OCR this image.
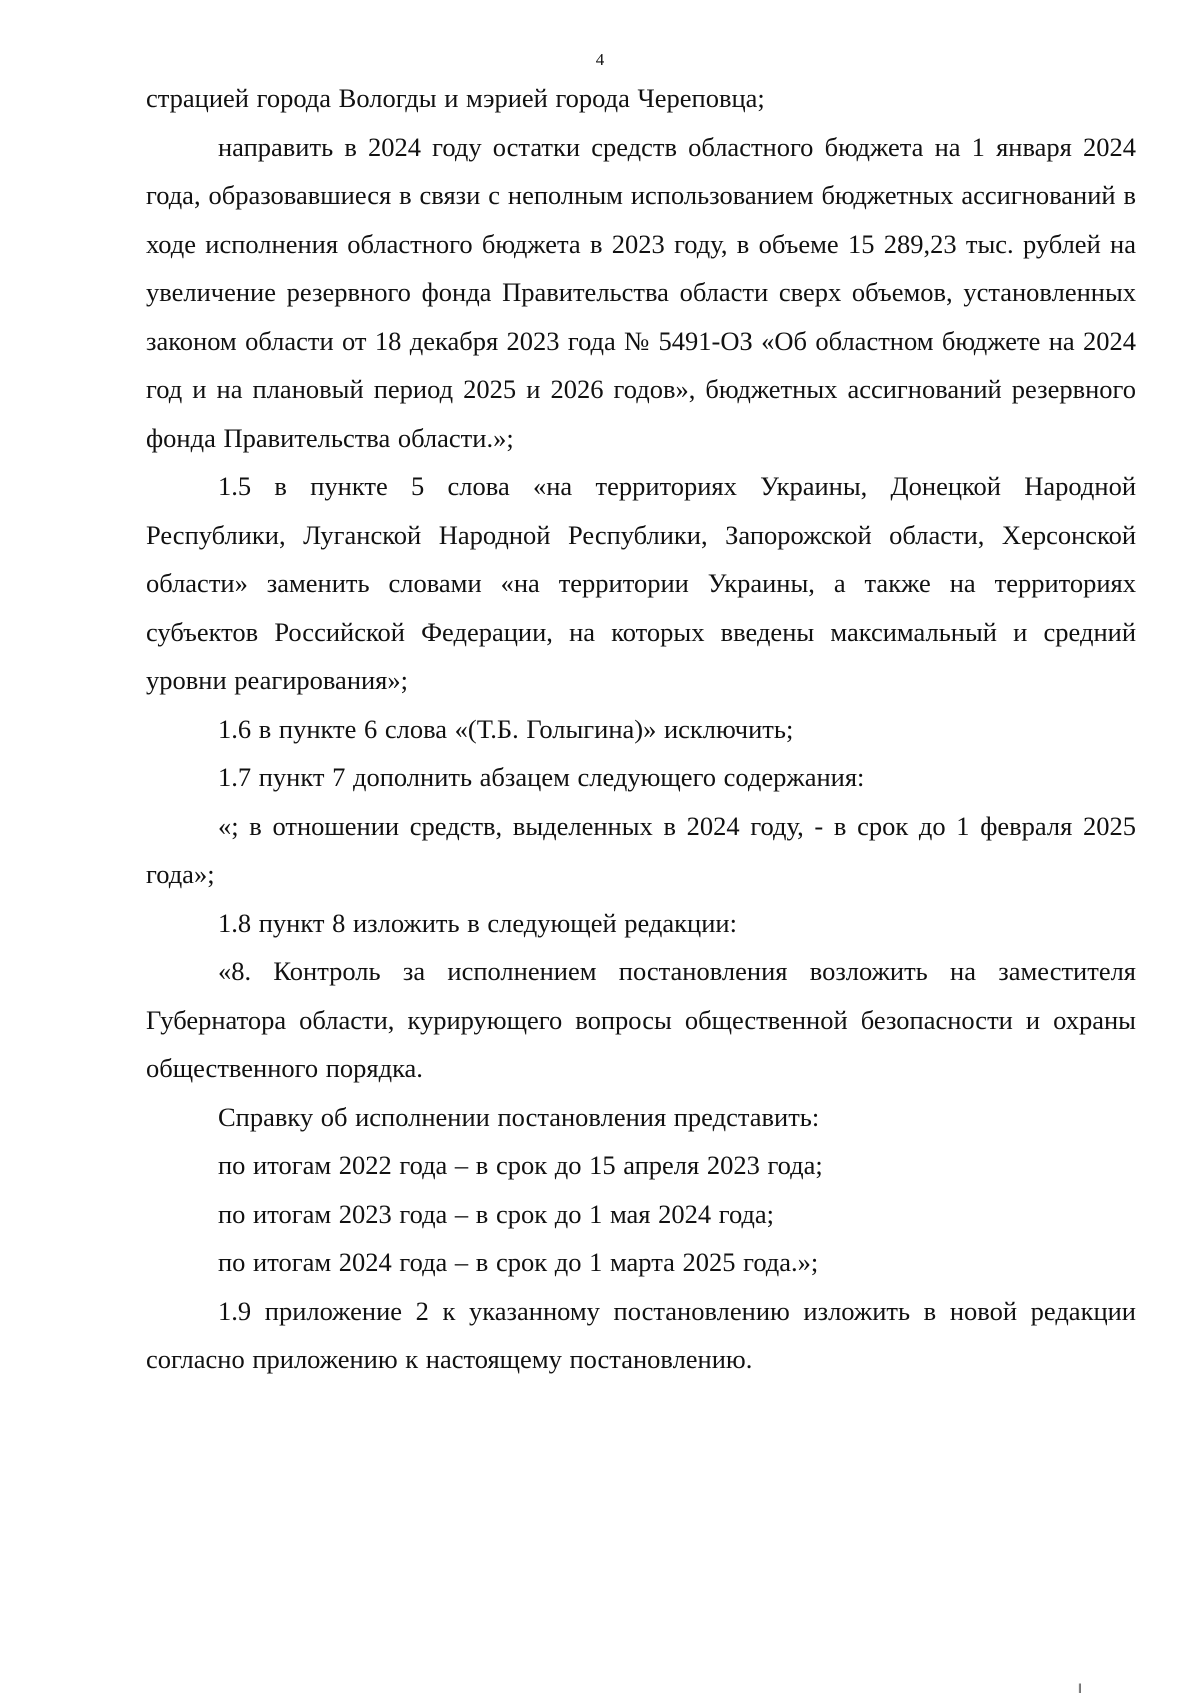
4

страцией города Вологды и мэрией города Череповца;

направить в 2024 году остатки средств областного бюджета на 1 января 2024 года, образовавшиеся в связи с неполным использованием бюджетных ассигнований в ходе исполнения областного бюджета в 2023 году, в объеме 15 289,23 тыс. рублей на увеличение резервного фонда Правительства области сверх объемов, установленных законом области от 18 декабря 2023 года № 5491-ОЗ «Об областном бюджете на 2024 год и на плановый период 2025 и 2026 годов», бюджетных ассигнований резервного фонда Правительства области.»;

1.5 в пункте 5 слова «на территориях Украины, Донецкой Народной Республики, Луганской Народной Республики, Запорожской области, Херсонской области» заменить словами «на территории Украины, а также на территориях субъектов Российской Федерации, на которых введены максимальный и средний уровни реагирования»;

1.6 в пункте 6 слова «(Т.Б. Голыгина)» исключить;

1.7 пункт 7 дополнить абзацем следующего содержания:

«; в отношении средств, выделенных в 2024 году, - в срок до 1 февраля 2025 года»;

1.8 пункт 8 изложить в следующей редакции:

«8. Контроль за исполнением постановления возложить на заместителя Губернатора области, курирующего вопросы общественной безопасности и охраны общественного порядка.

Справку об исполнении постановления представить:

по итогам 2022 года – в срок до 15 апреля 2023 года;

по итогам 2023 года – в срок до 1 мая 2024 года;

по итогам 2024 года – в срок до 1 марта 2025 года.»;

1.9 приложение 2 к указанному постановлению изложить в новой редакции согласно приложению к настоящему постановлению.

‖
